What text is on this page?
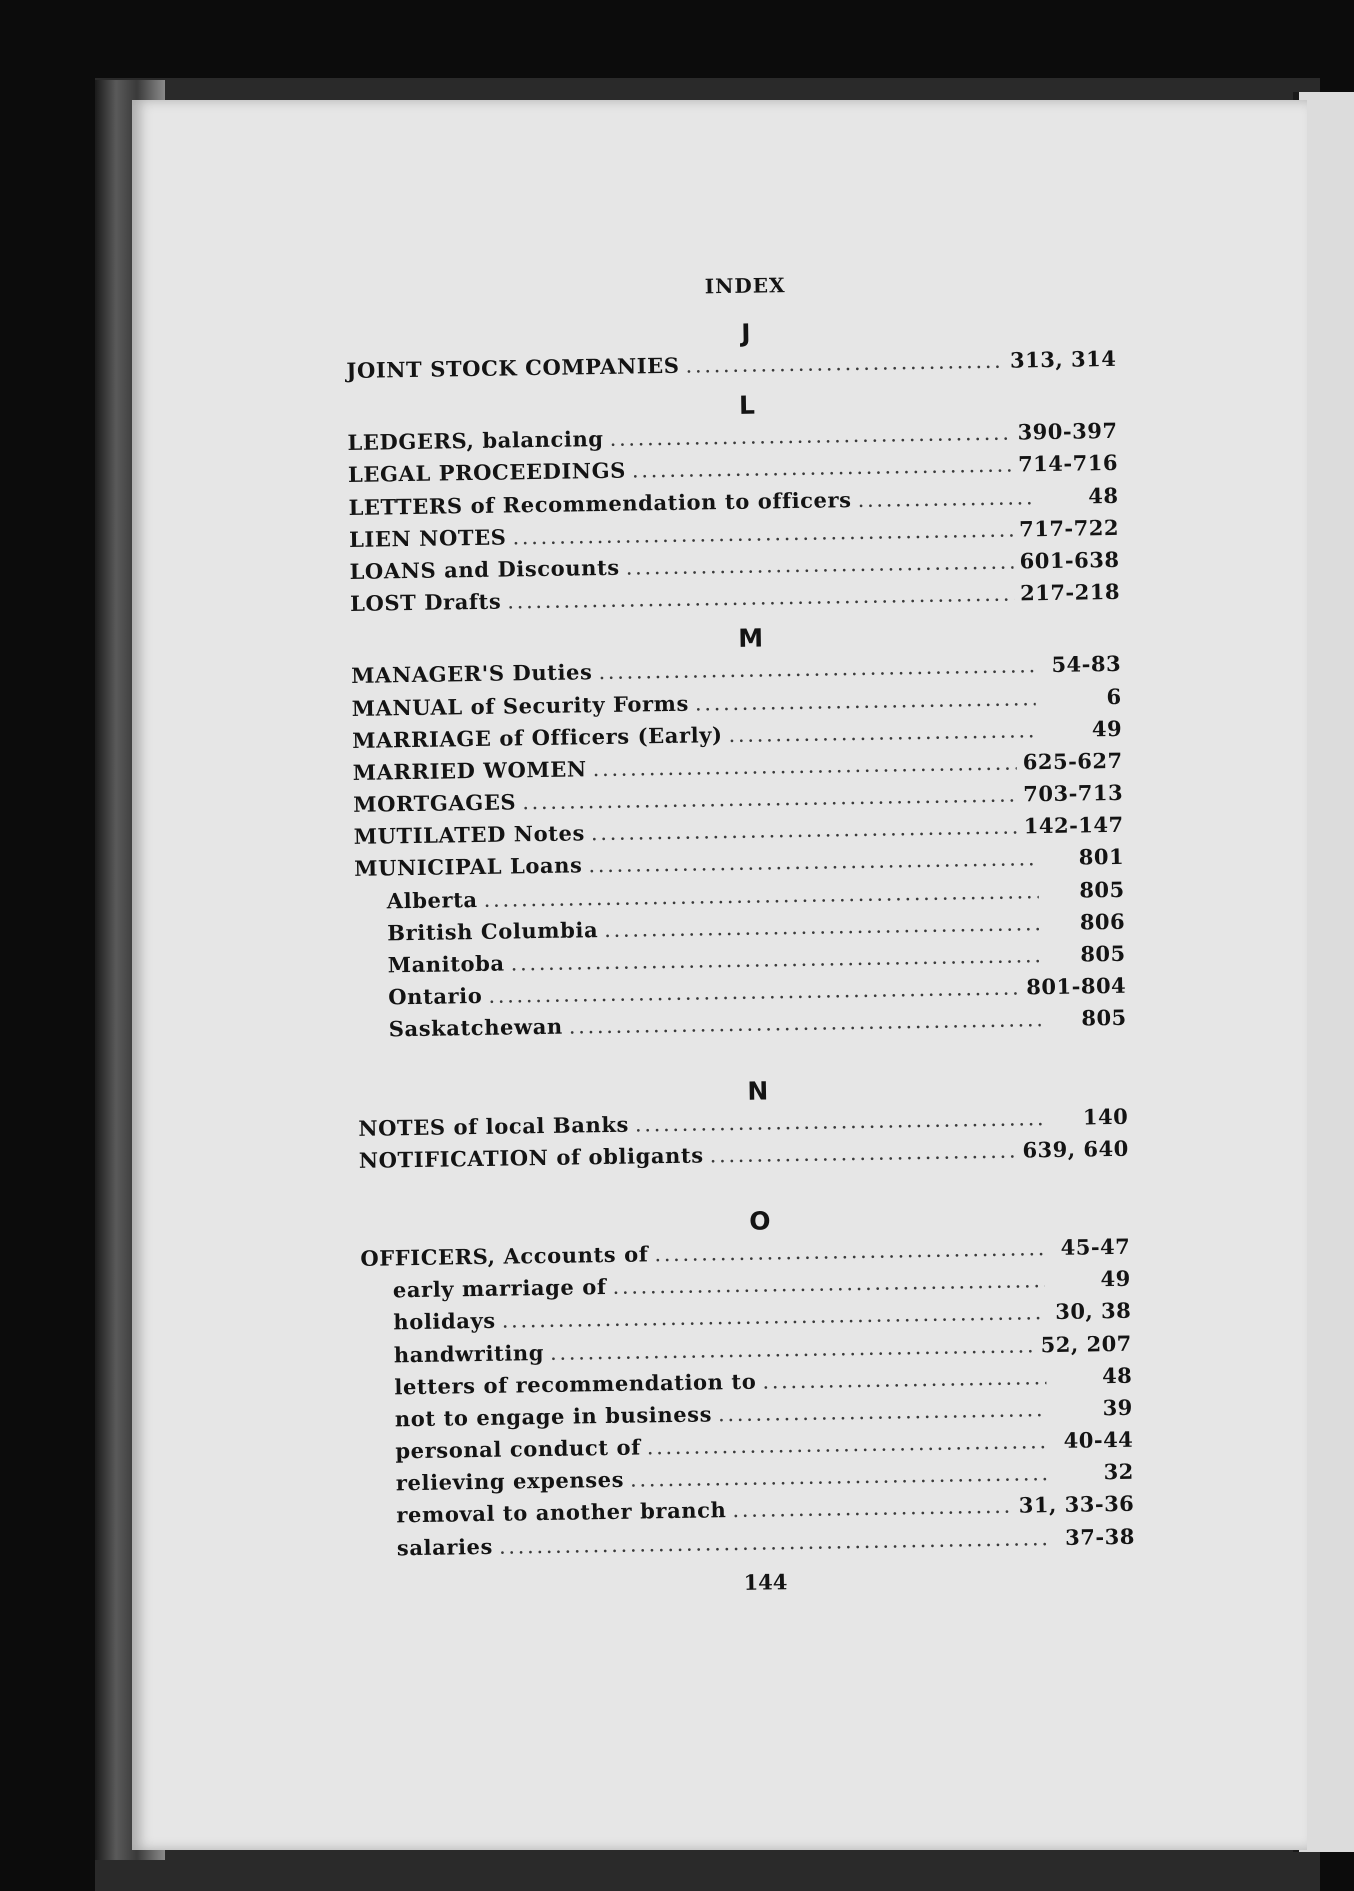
INDEX
J
JOINT STOCK COMPANIES . . .	313, 314
L
LEDGERS, balancing . . .	390-397
LEGAL PROCEEDINGS . . .	714-716
LETTERS of Recommendation to officers . . .	48
LIEN NOTES . . .	717-722
LOANS and Discounts . . .	601-638
LOST Drafts . . .	217-218
M
MANAGER'S Duties . . .	54-83
MANUAL of Security Forms . . .	6
MARRIAGE of Officers (Early) . . .	49
MARRIED WOMEN . . .	625-627
MORTGAGES . . .	703-713
MUTILATED Notes . . .	142-147
MUNICIPAL Loans . . .	801
Alberta . . .	805
British Columbia . . .	806
Manitoba . . .	805
Ontario . . .	801-804
Saskatchewan . . .	805
N
NOTES of local Banks . . .	140
NOTIFICATION of obligants . . .	639, 640
O
OFFICERS, Accounts of . . .	45-47
early marriage of . . .	49
holidays . . .	30, 38
handwriting . . .	52, 207
letters of recommendation to . . .	48
not to engage in business . . .	39
personal conduct of . . .	40-44
relieving expenses . . .	32
removal to another branch . . .	31, 33-36
salaries . . .	37-38
144
